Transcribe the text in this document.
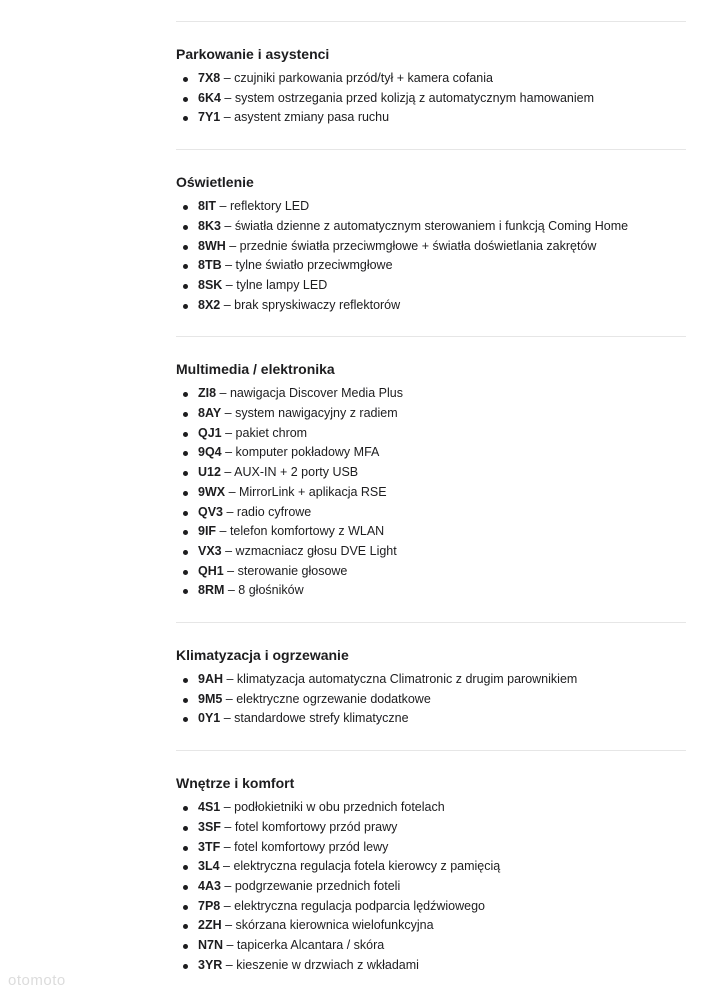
Parkowanie i asystenci
7X8 – czujniki parkowania przód/tył + kamera cofania
6K4 – system ostrzegania przed kolizją z automatycznym hamowaniem
7Y1 – asystent zmiany pasa ruchu
Oświetlenie
8IT – reflektory LED
8K3 – światła dzienne z automatycznym sterowaniem i funkcją Coming Home
8WH – przednie światła przeciwmgłowe + światła doświetlania zakrętów
8TB – tylne światło przeciwmgłowe
8SK – tylne lampy LED
8X2 – brak spryskiwaczy reflektorów
Multimedia / elektronika
ZI8 – nawigacja Discover Media Plus
8AY – system nawigacyjny z radiem
QJ1 – pakiet chrom
9Q4 – komputer pokładowy MFA
U12 – AUX-IN + 2 porty USB
9WX – MirrorLink + aplikacja RSE
QV3 – radio cyfrowe
9IF – telefon komfortowy z WLAN
VX3 – wzmacniacz głosu DVE Light
QH1 – sterowanie głosowe
8RM – 8 głośników
Klimatyzacja i ogrzewanie
9AH – klimatyzacja automatyczna Climatronic z drugim parownikiem
9M5 – elektryczne ogrzewanie dodatkowe
0Y1 – standardowe strefy klimatyczne
Wnętrze i komfort
4S1 – podłokietniki w obu przednich fotelach
3SF – fotel komfortowy przód prawy
3TF – fotel komfortowy przód lewy
3L4 – elektryczna regulacja fotela kierowcy z pamięcią
4A3 – podgrzewanie przednich foteli
7P8 – elektryczna regulacja podparcia lędźwiowego
2ZH – skórzana kierownica wielofunkcyjna
N7N – tapicerka Alcantara / skóra
3YR – kieszenie w drzwiach z wkładami
otomoto
